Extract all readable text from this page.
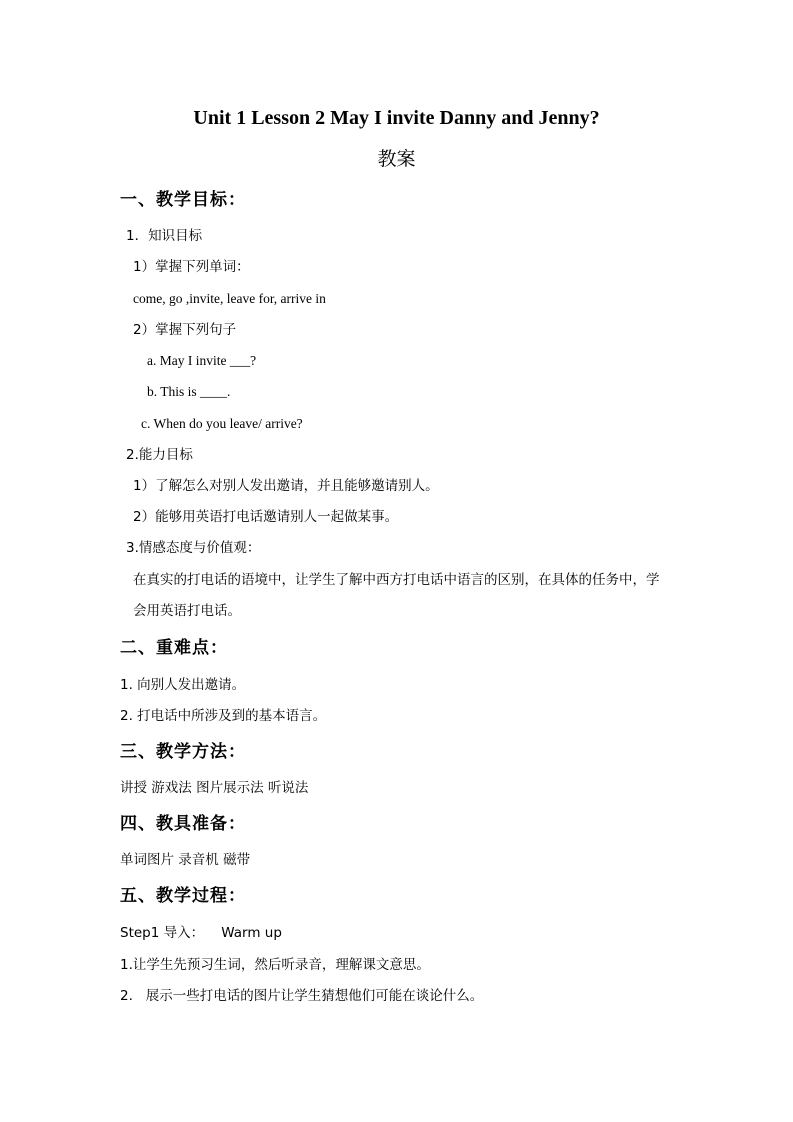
Unit 1 Lesson 2 May I invite Danny and Jenny?
教案
一、教学目标：
1．知识目标
1）掌握下列单词：
come, go ,invite, leave for, arrive in
2）掌握下列句子
a. May I invite ___?
b. This is ____.
c. When do you leave/ arrive?
2.能力目标
1）了解怎么对别人发出邀请，并且能够邀请别人。
2）能够用英语打电话邀请别人一起做某事。
3.情感态度与价值观：
在真实的打电话的语境中，让学生了解中西方打电话中语言的区别，在具体的任务中，学
会用英语打电话。
二、重难点：
1. 向别人发出邀请。
2. 打电话中所涉及到的基本语言。
三、教学方法：
讲授 游戏法 图片展示法 听说法
四、教具准备：
单词图片 录音机 磁带
五、教学过程：
Step1 导入：    Warm up
1.让学生先预习生词，然后听录音，理解课文意思。
2.   展示一些打电话的图片让学生猜想他们可能在谈论什么。
